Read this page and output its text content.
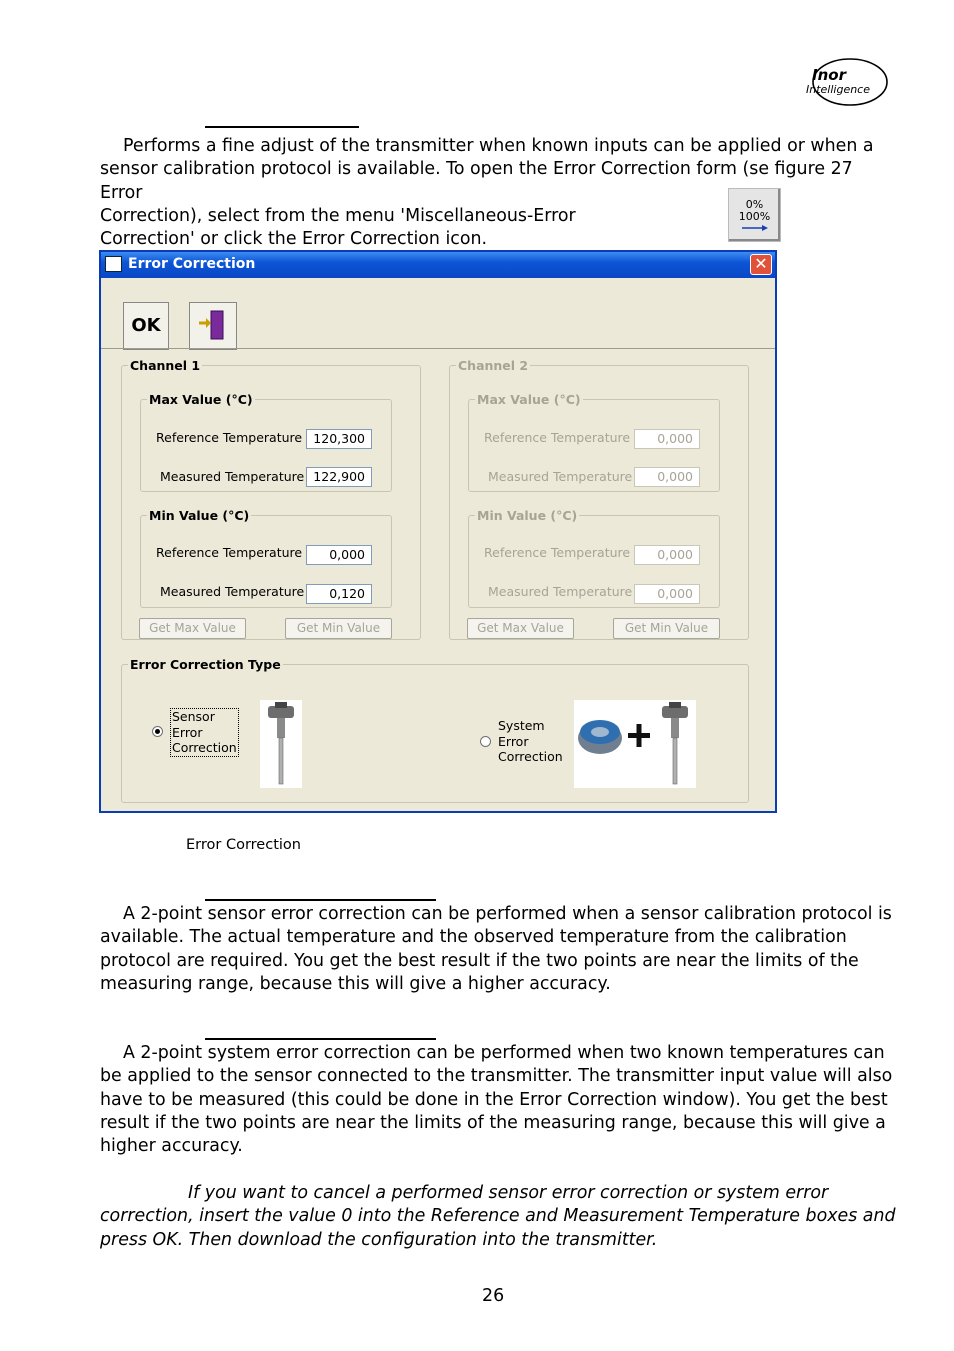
Inor
Intelligence
Performs a fine adjust of the transmitter when known inputs can be applied or when a
sensor calibration protocol is available. To open the Error Correction form (se figure 27 Error
Correction), select from the menu 'Miscellaneous-Error
Correction' or click the Error Correction icon.
0%
100%
Error Correction	✕
OK
Channel 1
Max Value (°C)
Reference Temperature 120,300
Measured Temperature 122,900
Min Value (°C)
Reference Temperature	0,000
Measured Temperature	0,120
Get Max Value	Get Min Value
Channel 2
Max Value (°C)
Reference Temperature	0,000
Measured Temperature	0,000
Min Value (°C)
Reference Temperature	0,000
Measured Temperature	0,000
Get Max Value	Get Min Value
Error Correction Type
Sensor
Error
Correction
System
Error
Correction
Error Correction
A 2-point sensor error correction can be performed when a sensor calibration protocol is
available. The actual temperature and the observed temperature from the calibration
protocol are required. You get the best result if the two points are near the limits of the
measuring range, because this will give a higher accuracy.
A 2-point system error correction can be performed when two known temperatures can
be applied to the sensor connected to the transmitter. The transmitter input value will also
have to be measured (this could be done in the Error Correction window). You get the best
result if the two points are near the limits of the measuring range, because this will give a
higher accuracy.
If you want to cancel a performed sensor error correction or system error
correction, insert the value 0 into the Reference and Measurement Temperature boxes and
press OK. Then download the configuration into the transmitter.
26
